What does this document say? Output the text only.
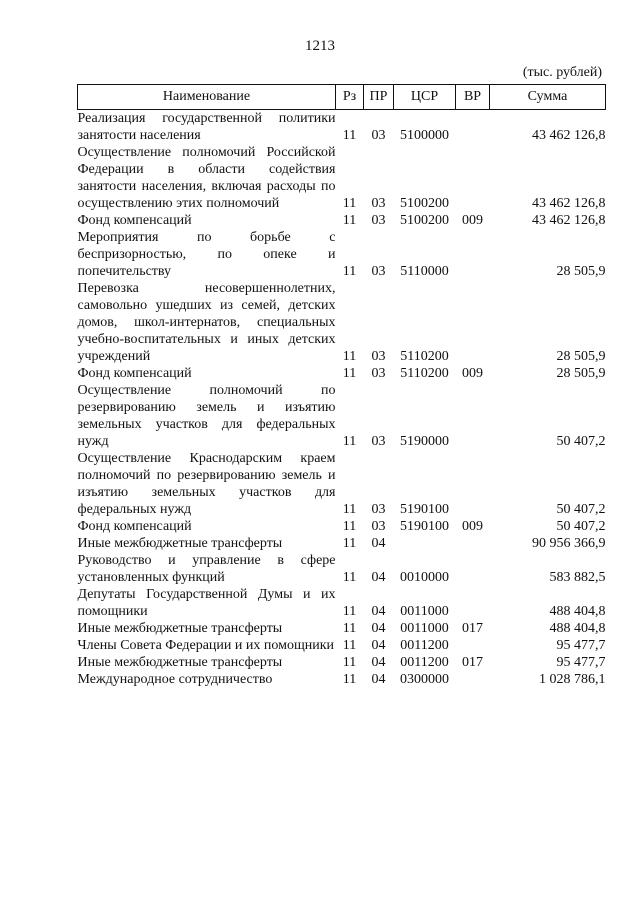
1213
(тыс. рублей)
Наименование	Рз	ПР	ЦСР	ВР	Сумма
Реализация государственной политики занятости населения	11	03	5100000		43 462 126,8
Осуществление полномочий Российской Федерации в области содействия занятости населения, включая расходы по осуществлению этих полномочий	11	03	5100200		43 462 126,8
Фонд компенсаций	11	03	5100200	009	43 462 126,8
Мероприятия по борьбе с беспризорностью, по опеке и попечительству	11	03	5110000		28 505,9
Перевозка несовершеннолетних, самовольно ушедших из семей, детских домов, школ-интернатов, специальных учебно-воспитательных и иных детских учреждений	11	03	5110200		28 505,9
Фонд компенсаций	11	03	5110200	009	28 505,9
Осуществление полномочий по резервированию земель и изъятию земельных участков для федеральных нужд	11	03	5190000		50 407,2
Осуществление Краснодарским краем полномочий по резервированию земель и изъятию земельных участков для федеральных нужд	11	03	5190100		50 407,2
Фонд компенсаций	11	03	5190100	009	50 407,2
Иные межбюджетные трансферты	11	04			90 956 366,9
Руководство и управление в сфере установленных функций	11	04	0010000		583 882,5
Депутаты Государственной Думы и их помощники	11	04	0011000		488 404,8
Иные межбюджетные трансферты	11	04	0011000	017	488 404,8
Члены Совета Федерации и их помощники	11	04	0011200		95 477,7
Иные межбюджетные трансферты	11	04	0011200	017	95 477,7
Международное сотрудничество	11	04	0300000		1 028 786,1
